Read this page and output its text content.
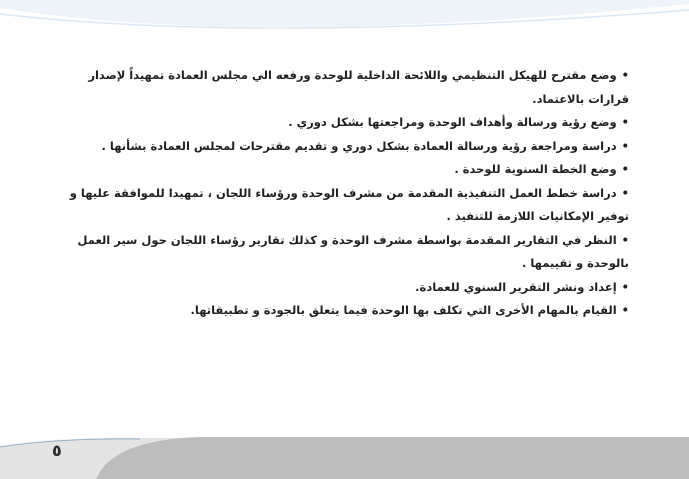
•وضع مقترح للهيكل التنظيمي واللائحة الداخلية للوحدة ورفعه الي مجلس العمادة تمهيداً لإصدار قرارات بالاعتماد.
•وضع رؤية ورسالة وأهداف الوحدة ومراجعتها بشكل دوري .
•دراسة ومراجعة رؤية ورسالة العمادة بشكل دوري و تقديم مقترحات لمجلس العمادة بشأنها .
•وضع الخطة السنوية للوحدة .
•دراسة خطط العمل التنفيذية المقدمة من مشرف الوحدة ورؤساء اللجان ، تمهيدا للموافقة عليها و توفير الإمكانيات اللازمة للتنفيذ .
•النظر في التقارير المقدمة بواسطة مشرف الوحدة و كذلك تقارير رؤساء اللجان حول سير العمل بالوحدة و تقييمها .
•إعداد ونشر التقرير السنوي للعمادة.
•القيام بالمهام الأخرى التي تكلف بها الوحدة فيما يتعلق بالجودة و تطبيقاتها.
٥
